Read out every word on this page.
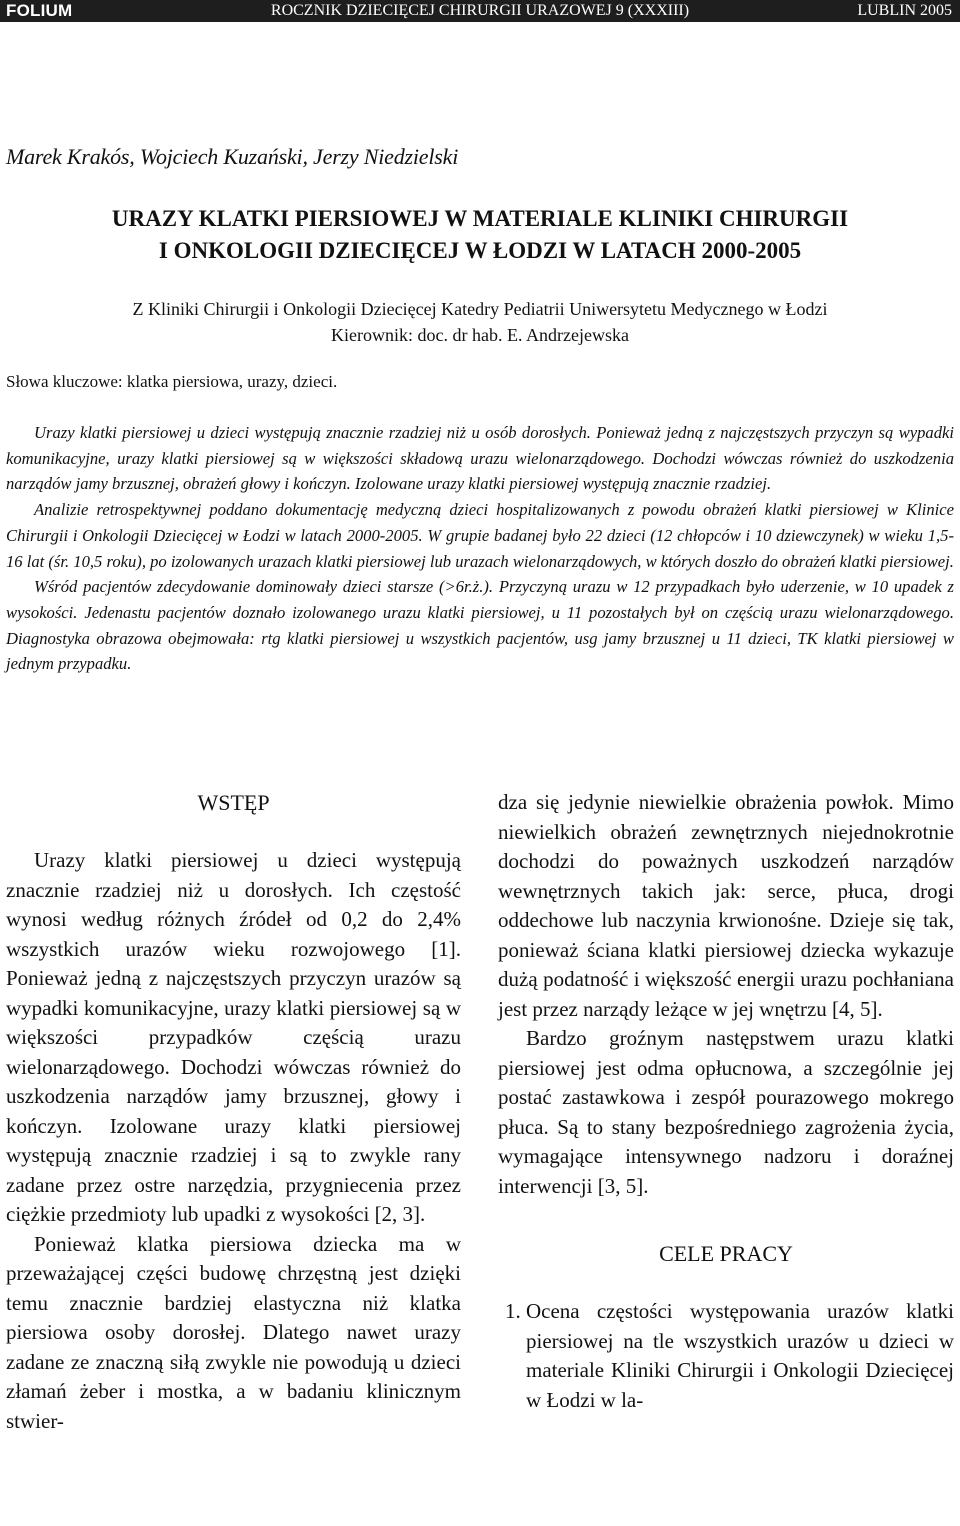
FOLIUM	ROCZNIK DZIECIĘCEJ CHIRURGII URAZOWEJ 9 (XXXIII)	LUBLIN 2005
Marek Krakós, Wojciech Kuzański, Jerzy Niedzielski
URAZY KLATKI PIERSIOWEJ W MATERIALE KLINIKI CHIRURGII
I ONKOLOGII DZIECIĘCEJ W ŁODZI W LATACH 2000-2005
Z Kliniki Chirurgii i Onkologii Dziecięcej Katedry Pediatrii Uniwersytetu Medycznego w Łodzi
Kierownik: doc. dr hab. E. Andrzejewska
Słowa kluczowe: klatka piersiowa, urazy, dzieci.

Urazy klatki piersiowej u dzieci występują znacznie rzadziej niż u osób dorosłych. Ponieważ jedną z najczęstszych przyczyn są wypadki komunikacyjne, urazy klatki piersiowej są w większości składową urazu wielonarządowego. Dochodzi wówczas również do uszkodzenia narządów jamy brzusznej, obrażeń głowy i kończyn. Izolowane urazy klatki piersiowej występują znacznie rzadziej.

Analizie retrospektywnej poddano dokumentację medyczną dzieci hospitalizowanych z powodu obrażeń klatki piersiowej w Klinice Chirurgii i Onkologii Dziecięcej w Łodzi w latach 2000-2005. W grupie badanej było 22 dzieci (12 chłopców i 10 dziewczynek) w wieku 1,5-16 lat (śr. 10,5 roku), po izolowanych urazach klatki piersiowej lub urazach wielonarządowych, w których doszło do obrażeń klatki piersiowej.

Wśród pacjentów zdecydowanie dominowały dzieci starsze (>6r.ż.). Przyczyną urazu w 12 przypadkach było uderzenie, w 10 upadek z wysokości. Jedenastu pacjentów doznało izolowanego urazu klatki piersiowej, u 11 pozostałych był on częścią urazu wielonarządowego. Diagnostyka obrazowa obejmowała: rtg klatki piersiowej u wszystkich pacjentów, usg jamy brzusznej u 11 dzieci, TK klatki piersiowej w jednym przypadku.

WSTĘP

Urazy klatki piersiowej u dzieci występują znacznie rzadziej niż u dorosłych. Ich częstość wynosi według różnych źródeł od 0,2 do 2,4% wszystkich urazów wieku rozwojowego [1]. Ponieważ jedną z najczęstszych przyczyn urazów są wypadki komunikacyjne, urazy klatki piersiowej są w większości przypadków częścią urazu wielonarządowego. Dochodzi wówczas również do uszkodzenia narządów jamy brzusznej, głowy i kończyn. Izolowane urazy klatki piersiowej występują znacznie rzadziej i są to zwykle rany zadane przez ostre narzędzia, przygniecenia przez ciężkie przedmioty lub upadki z wysokości [2, 3].

Ponieważ klatka piersiowa dziecka ma w przeważającej części budowę chrzęstną jest dzięki temu znacznie bardziej elastyczna niż klatka piersiowa osoby dorosłej. Dlatego nawet urazy zadane ze znaczną siłą zwykle nie powodują u dzieci złamań żeber i mostka, a w badaniu klinicznym stwier-

dza się jedynie niewielkie obrażenia powłok. Mimo niewielkich obrażeń zewnętrznych niejednokrotnie dochodzi do poważnych uszkodzeń narządów wewnętrznych takich jak: serce, płuca, drogi oddechowe lub naczynia krwionośne. Dzieje się tak, ponieważ ściana klatki piersiowej dziecka wykazuje dużą podatność i większość energii urazu pochłaniana jest przez narządy leżące w jej wnętrzu [4, 5].

Bardzo groźnym następstwem urazu klatki piersiowej jest odma opłucnowa, a szczególnie jej postać zastawkowa i zespół pourazowego mokrego płuca. Są to stany bezpośredniego zagrożenia życia, wymagające intensywnego nadzoru i doraźnej interwencji [3, 5].

CELE PRACY
1. Ocena częstości występowania urazów klatki piersiowej na tle wszystkich urazów u dzieci w materiale Kliniki Chirurgii i Onkologii Dziecięcej w Łodzi w la-
